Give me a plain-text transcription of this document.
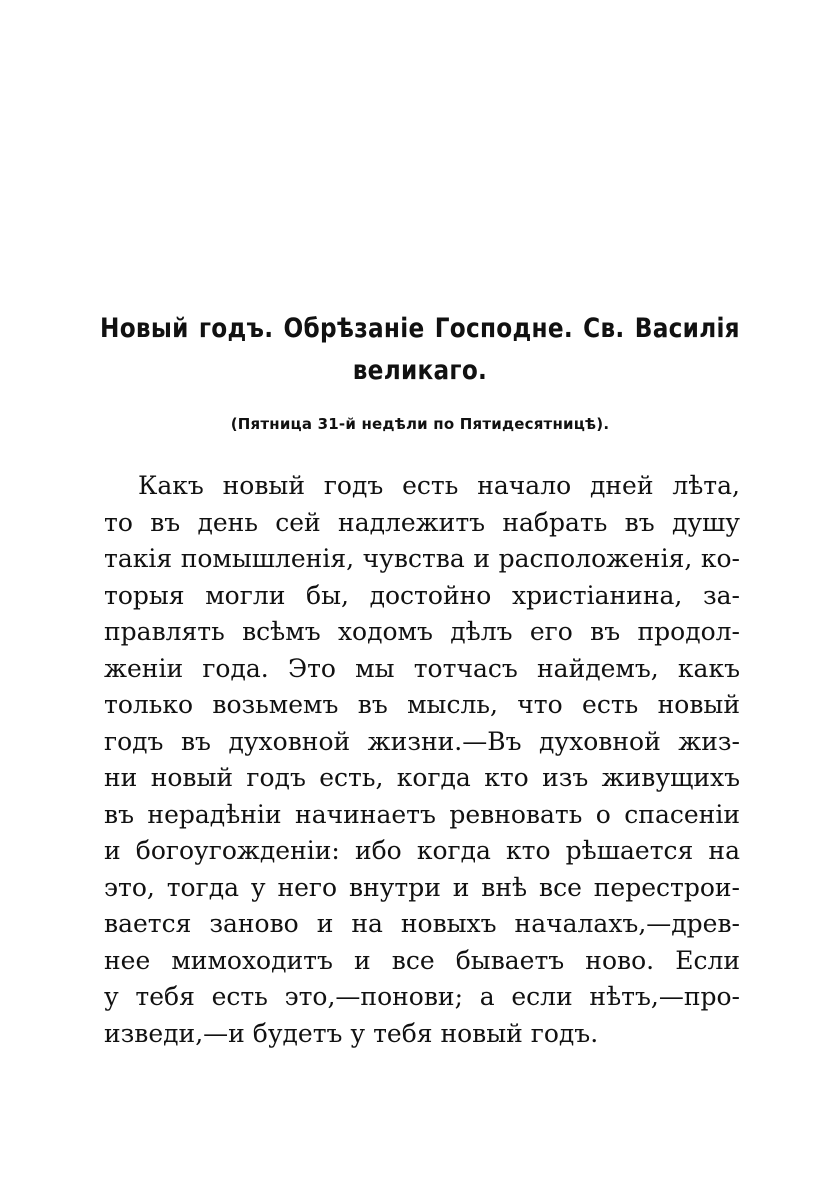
Новый годъ. Обрѣзаніе Господне. Св. Василія
великаго.
(Пятница 31-й недѣли по Пятидесятницѣ).
Какъ новый годъ есть начало дней лѣта,
то въ день сей надлежитъ набрать въ душу
такія помышленія, чувства и расположенія, ко-
торыя могли бы, достойно христіанина, за-
правлять всѣмъ ходомъ дѣлъ его въ продол-
женіи года. Это мы тотчасъ найдемъ, какъ
только возьмемъ въ мысль, что есть новый
годъ въ духовной жизни.—Въ духовной жиз-
ни новый годъ есть, когда кто изъ живущихъ
въ нерадѣніи начинаетъ ревновать о спасеніи
и богоугожденіи: ибо когда кто рѣшается на
это, тогда у него внутри и внѣ все перестрои-
вается заново и на новыхъ началахъ,—древ-
нее мимоходитъ и все бываетъ ново. Если
у тебя есть это,—понови; а если нѣтъ,—про-
изведи,—и будетъ у тебя новый годъ.
